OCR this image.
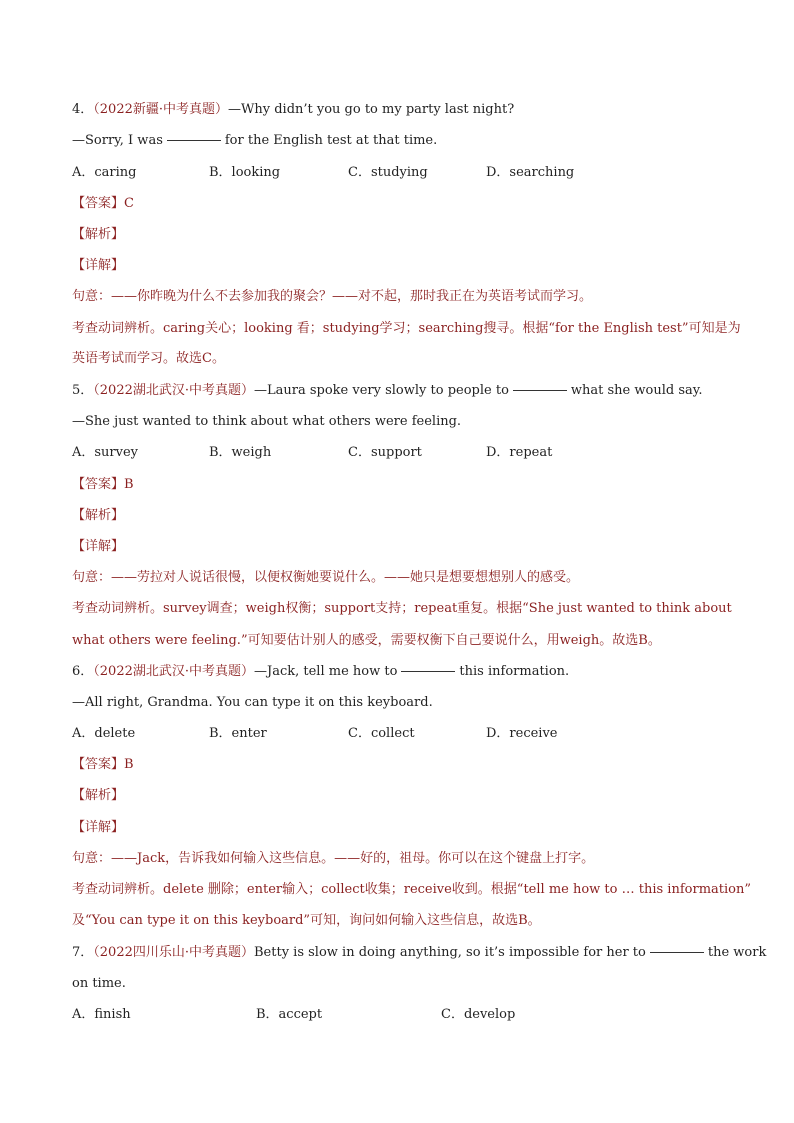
4．（2022新疆·中考真题）—Why didn’t you go to my party last night?
—Sorry, I was	for the English test at that time.
A．caring	B．looking	C．studying	D．searching
【答案】C
【解析】
【详解】
句意：——你昨晚为什么不去参加我的聚会？——对不起，那时我正在为英语考试而学习。
考查动词辨析。caring关心；looking 看；studying学习；searching搜寻。根据“for the English test”可知是为
英语考试而学习。故选C。
5．（2022湖北武汉·中考真题）—Laura spoke very slowly to people to	what she would say.
—She just wanted to think about what others were feeling.
A．survey	B．weigh	C．support	D．repeat
【答案】B
【解析】
【详解】
句意：——劳拉对人说话很慢，以便权衡她要说什么。——她只是想要想想别人的感受。
考查动词辨析。survey调查；weigh权衡；support支持；repeat重复。根据“She just wanted to think about
what others were feeling.”可知要估计别人的感受，需要权衡下自己要说什么，用weigh。故选B。
6．（2022湖北武汉·中考真题）—Jack, tell me how to	this information.
—All right, Grandma. You can type it on this keyboard.
A．delete	B．enter	C．collect	D．receive
【答案】B
【解析】
【详解】
句意：——Jack，告诉我如何输入这些信息。——好的，祖母。你可以在这个键盘上打字。
考查动词辨析。delete 删除；enter输入；collect收集；receive收到。根据“tell me how to … this information”
及“You can type it on this keyboard”可知，询问如何输入这些信息，故选B。
7．（2022四川乐山·中考真题）Betty is slow in doing anything, so it’s impossible for her to	the work
on time.
A．finish	B．accept	C．develop
